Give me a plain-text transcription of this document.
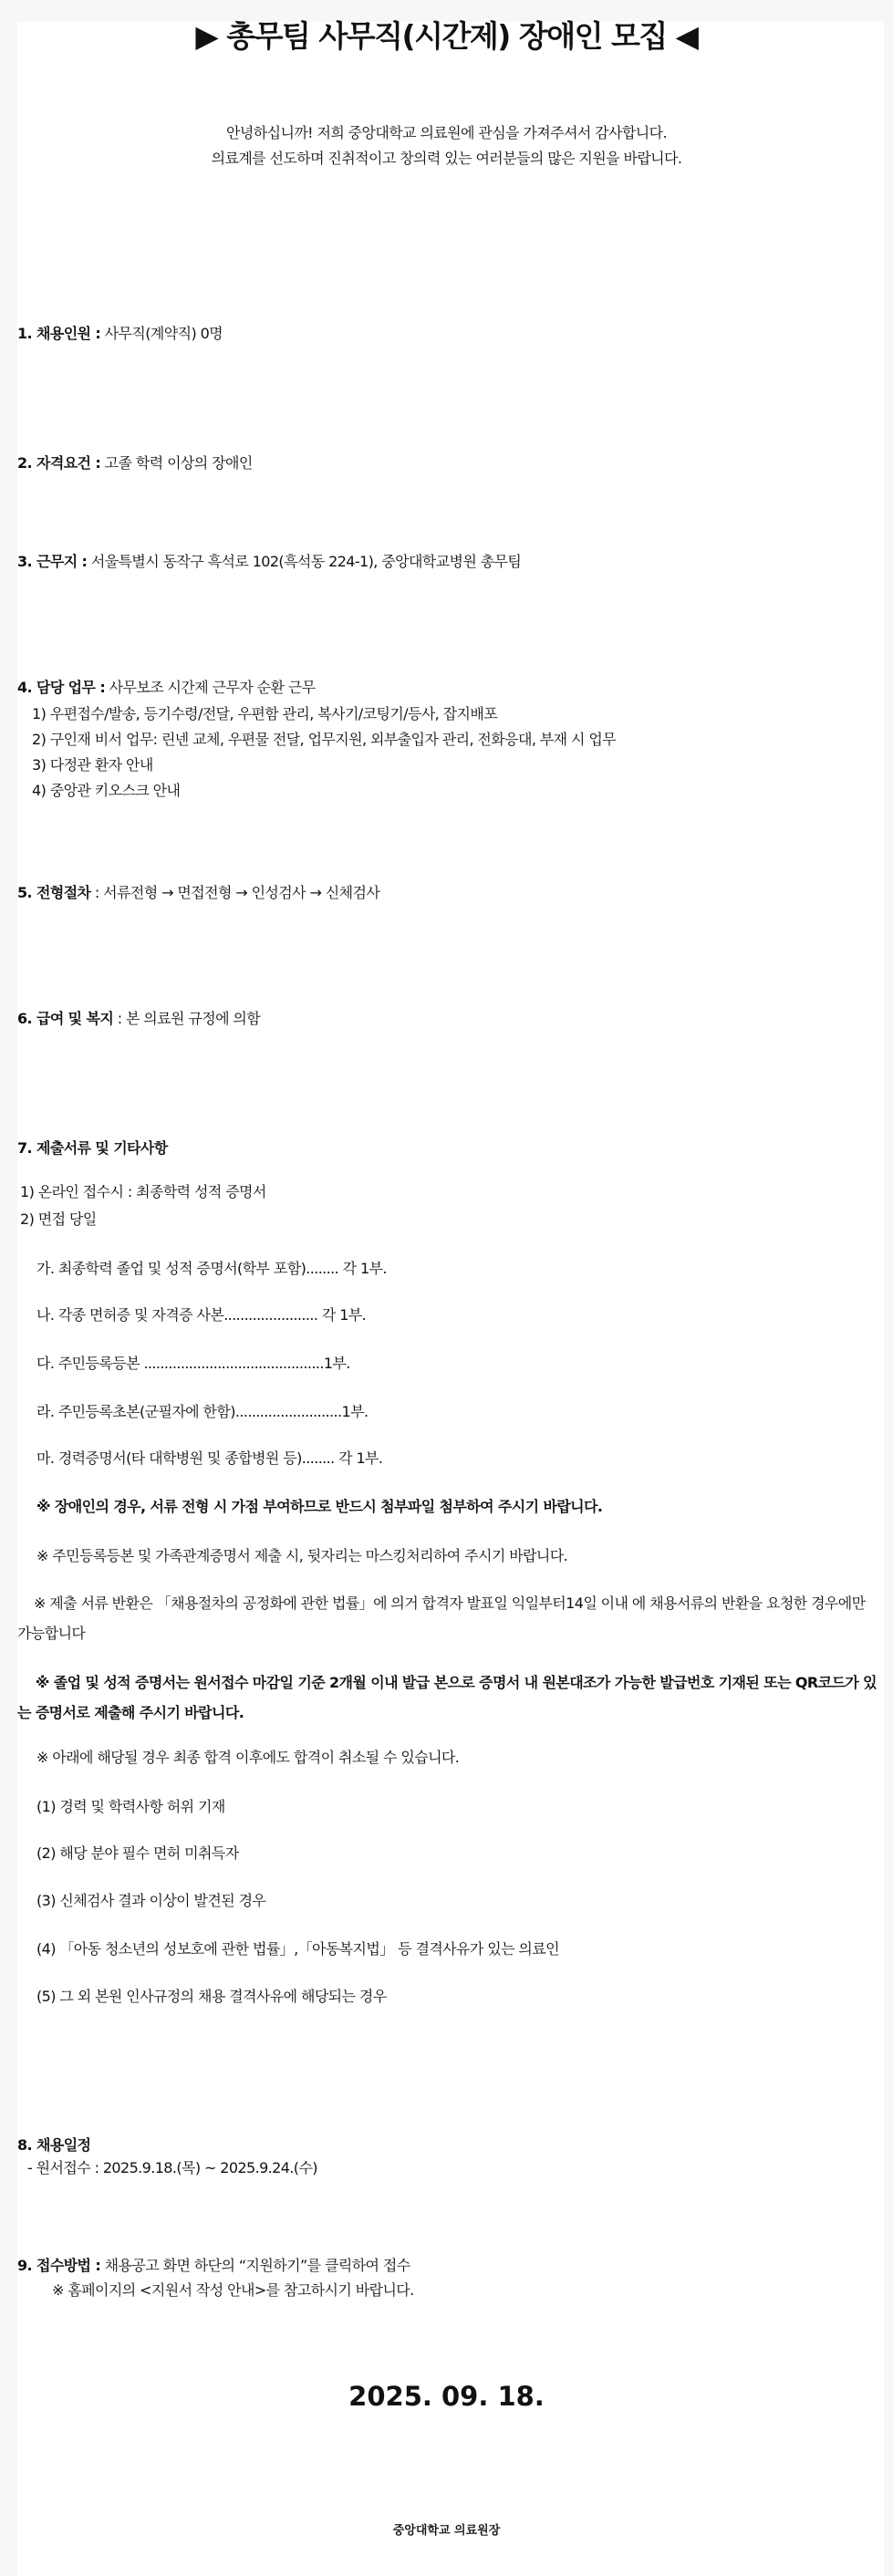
▶ 총무팀 사무직(시간제) 장애인 모집 ◀
안녕하십니까! 저희 중앙대학교 의료원에 관심을 가져주셔서 감사합니다.
의료계를 선도하며 진취적이고 창의력 있는 여러분들의 많은 지원을 바랍니다.
1. 채용인원 : 사무직(계약직) 0명
2. 자격요건 : 고졸 학력 이상의 장애인
3. 근무지 : 서울특별시 동작구 흑석로 102(흑석동 224-1), 중앙대학교병원 총무팀
4. 담당 업무 : 사무보조 시간제 근무자 순환 근무
1) 우편접수/발송, 등기수령/전달, 우편함 관리, 복사기/코팅기/등사, 잡지배포
2) 구인재 비서 업무: 린넨 교체, 우편물 전달, 업무지원, 외부출입자 관리, 전화응대, 부재 시 업무
3) 다정관 환자 안내
4) 중앙관 키오스크 안내
5. 전형절차 : 서류전형 → 면접전형 → 인성검사 → 신체검사
6. 급여 및 복지 : 본 의료원 규정에 의함
7. 제출서류 및 기타사항
1) 온라인 접수시 : 최종학력 성적 증명서
2) 면접 당일
가. 최종학력 졸업 및 성적 증명서(학부 포함)........ 각 1부.
나. 각종 면허증 및 자격증 사본....................... 각 1부.
다. 주민등록등본 ............................................1부.
라. 주민등록초본(군필자에 한함)..........................1부.
마. 경력증명서(타 대학병원 및 종합병원 등)........ 각 1부.
※ 장애인의 경우, 서류 전형 시 가점 부여하므로 반드시 첨부파일 첨부하여 주시기 바랍니다.
※ 주민등록등본 및 가족관계증명서 제출 시, 뒷자리는 마스킹처리하여 주시기 바랍니다.
※ 제출 서류 반환은 「채용절차의 공정화에 관한 법률」에 의거 합격자 발표일 익일부터14일 이내 에 채용서류의 반환을 요청한 경우에만 가능합니다
※ 졸업 및 성적 증명서는 원서접수 마감일 기준 2개월 이내 발급 본으로 증명서 내 원본대조가 가능한 발급번호 기재된 또는 QR코드가 있는 증명서로 제출해 주시기 바랍니다.
※ 아래에 해당될 경우 최종 합격 이후에도 합격이 취소될 수 있습니다.
(1) 경력 및 학력사항 허위 기재
(2) 해당 분야 필수 면허 미취득자
(3) 신체검사 결과 이상이 발견된 경우
(4) 「아동 청소년의 성보호에 관한 법률」,「아동복지법」 등 결격사유가 있는 의료인
(5) 그 외 본원 인사규정의 채용 결격사유에 해당되는 경우
8. 채용일정
- 원서접수 : 2025.9.18.(목) ~ 2025.9.24.(수)
9. 접수방법 : 채용공고 화면 하단의 “지원하기”를 클릭하여 접수
※ 홈페이지의 <지원서 작성 안내>를 참고하시기 바랍니다.
2025. 09. 18.
중앙대학교 의료원장
